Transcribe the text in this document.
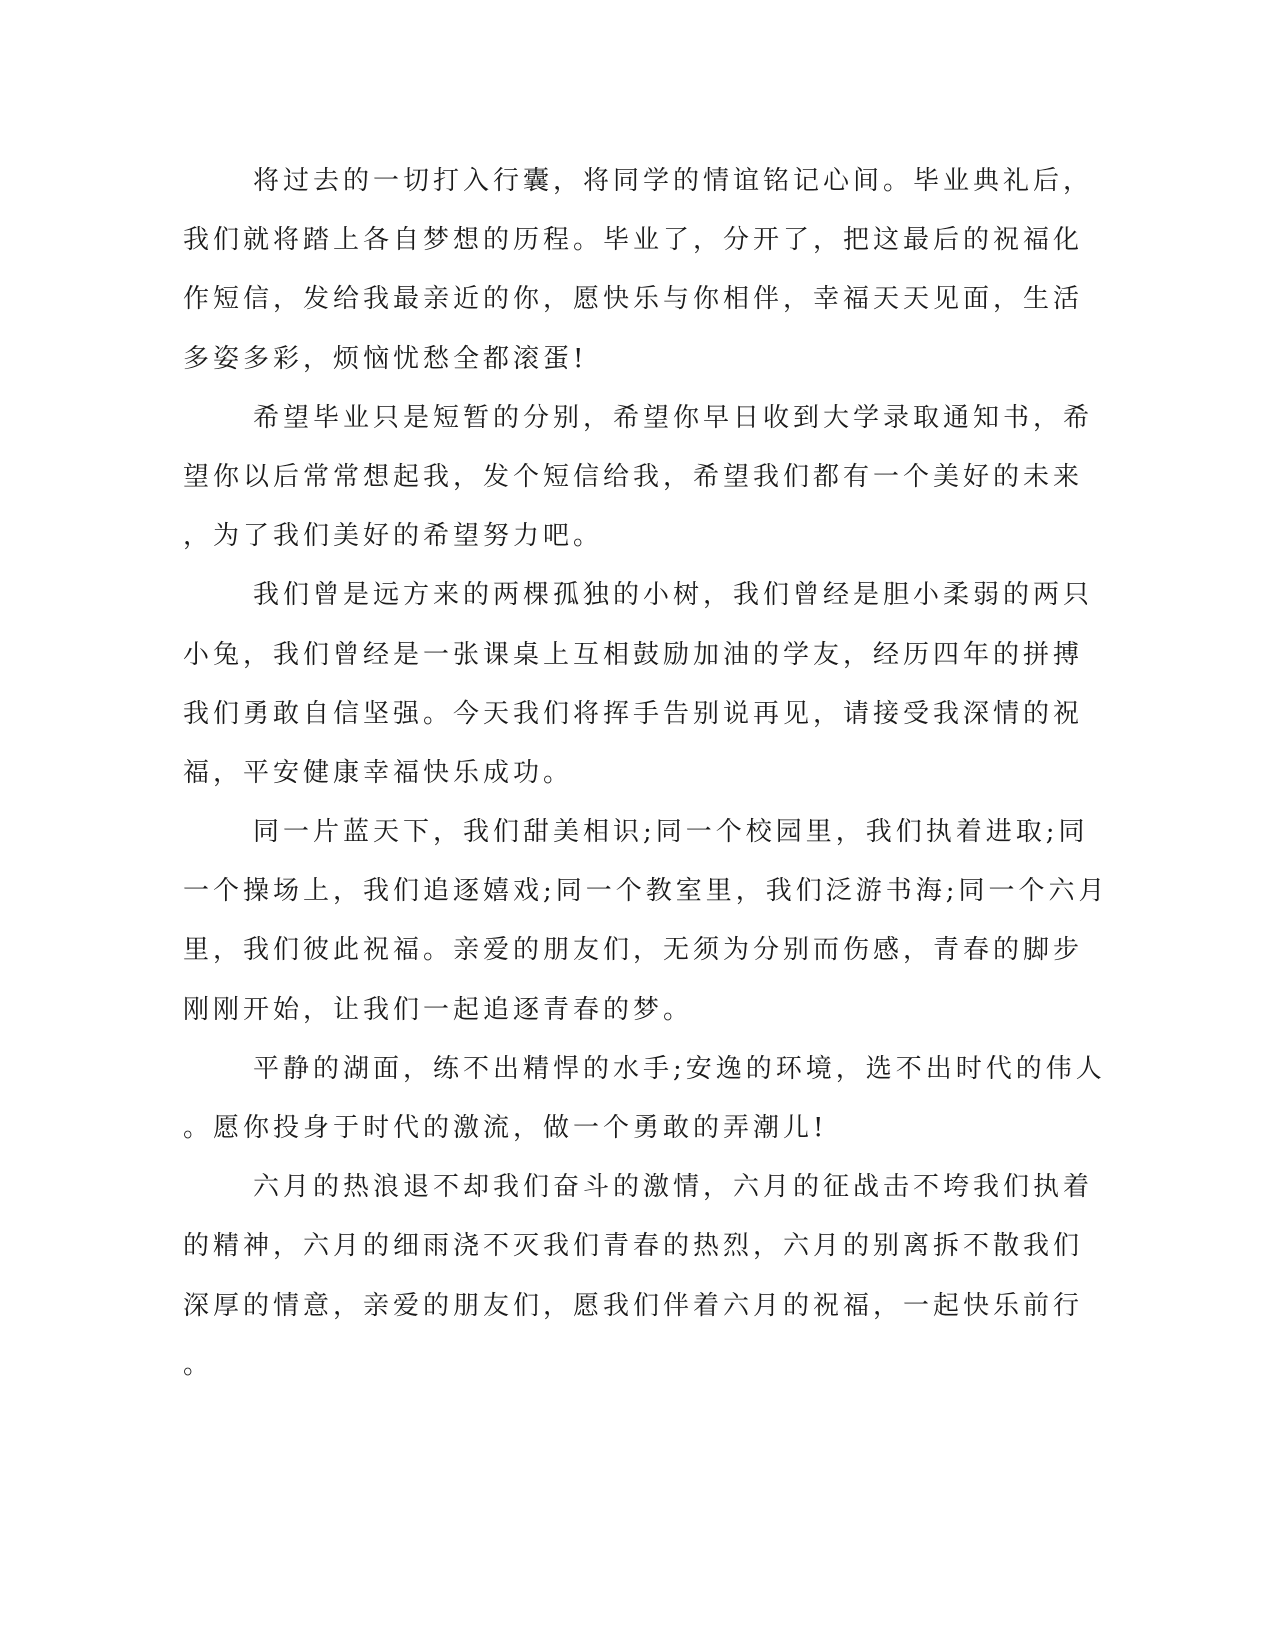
将过去的一切打入行囊，将同学的情谊铭记心间。毕业典礼后，
我们就将踏上各自梦想的历程。毕业了，分开了，把这最后的祝福化
作短信，发给我最亲近的你，愿快乐与你相伴，幸福天天见面，生活
多姿多彩，烦恼忧愁全都滚蛋!

希望毕业只是短暂的分别，希望你早日收到大学录取通知书，希
望你以后常常想起我，发个短信给我，希望我们都有一个美好的未来
，为了我们美好的希望努力吧。

我们曾是远方来的两棵孤独的小树，我们曾经是胆小柔弱的两只
小兔，我们曾经是一张课桌上互相鼓励加油的学友，经历四年的拼搏
我们勇敢自信坚强。今天我们将挥手告别说再见，请接受我深情的祝
福，平安健康幸福快乐成功。

同一片蓝天下，我们甜美相识;同一个校园里，我们执着进取;同
一个操场上，我们追逐嬉戏;同一个教室里，我们泛游书海;同一个六月
里，我们彼此祝福。亲爱的朋友们，无须为分别而伤感，青春的脚步
刚刚开始，让我们一起追逐青春的梦。

平静的湖面，练不出精悍的水手;安逸的环境，选不出时代的伟人
。愿你投身于时代的激流，做一个勇敢的弄潮儿!

六月的热浪退不却我们奋斗的激情，六月的征战击不垮我们执着
的精神，六月的细雨浇不灭我们青春的热烈，六月的别离拆不散我们
深厚的情意，亲爱的朋友们，愿我们伴着六月的祝福，一起快乐前行
。
